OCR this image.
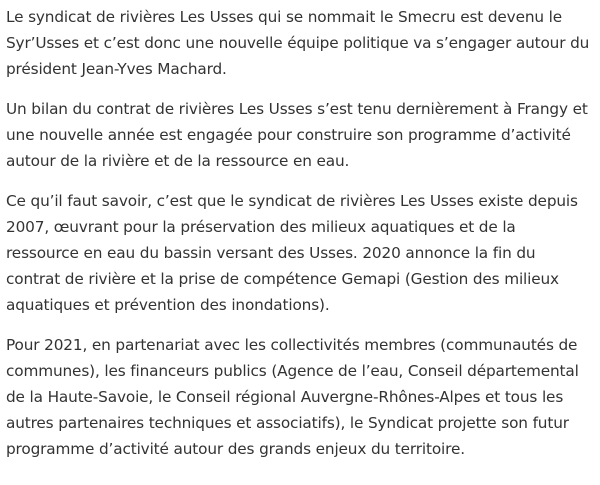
Le syndicat de rivières Les Usses qui se nommait le Smecru est devenu le
Syr’Usses et c’est donc une nouvelle équipe politique va s’engager autour du
président Jean-Yves Machard.

Un bilan du contrat de rivières Les Usses s’est tenu dernièrement à Frangy et
une nouvelle année est engagée pour construire son programme d’activité
autour de la rivière et de la ressource en eau.

Ce qu’il faut savoir, c’est que le syndicat de rivières Les Usses existe depuis
2007, œuvrant pour la préservation des milieux aquatiques et de la
ressource en eau du bassin versant des Usses. 2020 annonce la fin du
contrat de rivière et la prise de compétence Gemapi (Gestion des milieux
aquatiques et prévention des inondations).

Pour 2021, en partenariat avec les collectivités membres (communautés de
communes), les financeurs publics (Agence de l’eau, Conseil départemental
de la Haute-Savoie, le Conseil régional Auvergne-Rhônes-Alpes et tous les
autres partenaires techniques et associatifs), le Syndicat projette son futur
programme d’activité autour des grands enjeux du territoire.
